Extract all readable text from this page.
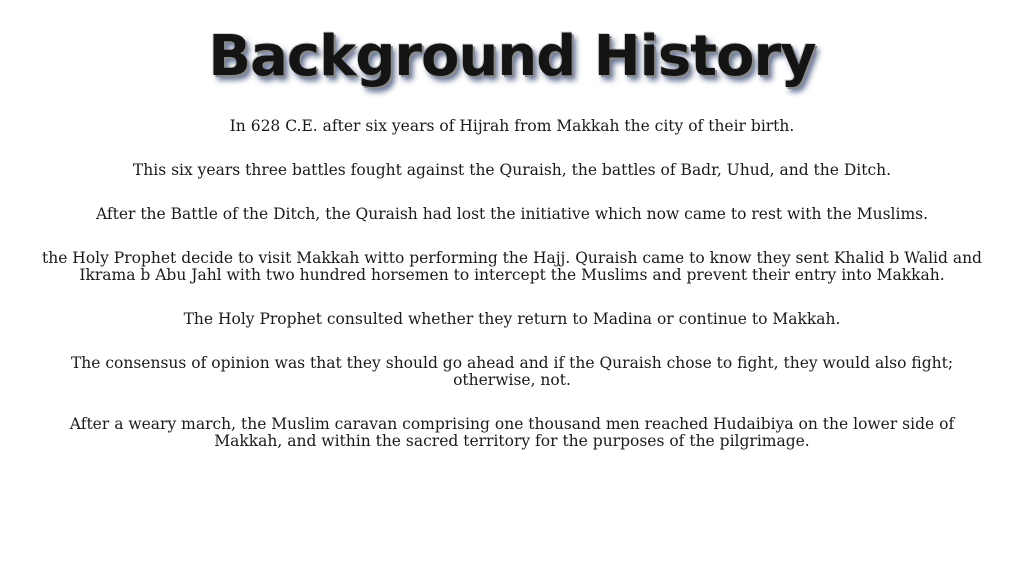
Background History

In 628 C.E. after six years of Hijrah from Makkah the city of their birth.

This six years three battles fought against the Quraish, the battles of Badr, Uhud, and the Ditch.

After the Battle of the Ditch, the Quraish had lost the initiative which now came to rest with the Muslims.

the Holy Prophet decide to visit Makkah witto performing the Hajj. Quraish came to know they sent Khalid b Walid and Ikrama b Abu Jahl with two hundred horsemen to intercept the Muslims and prevent their entry into Makkah.

The Holy Prophet consulted whether they return to Madina or continue to Makkah.

The consensus of opinion was that they should go ahead and if the Quraish chose to fight, they would also fight; otherwise, not.

After a weary march, the Muslim caravan comprising one thousand men reached Hudaibiya on the lower side of Makkah, and within the sacred territory for the purposes of the pilgrimage.
